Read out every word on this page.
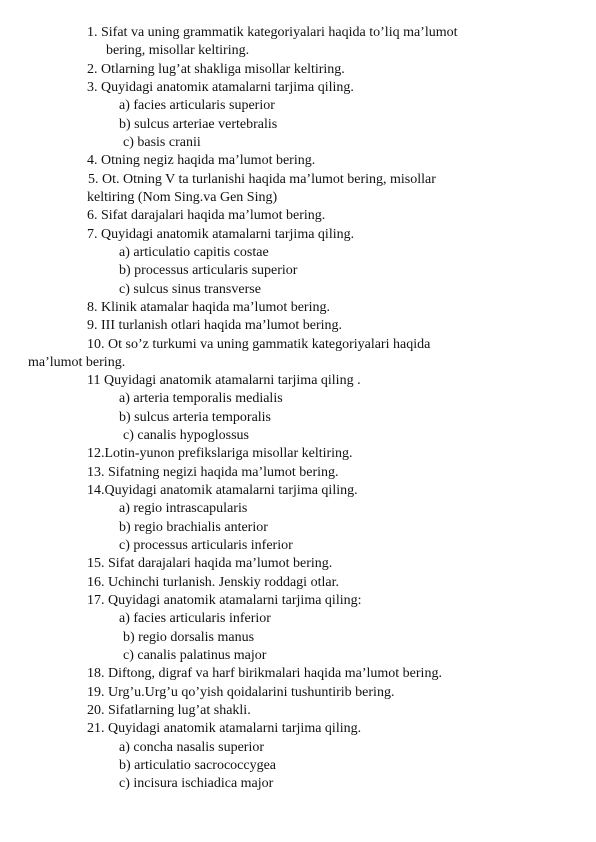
1. Sifat va uning grammatik kategoriyalari haqida to’liq ma’lumot
bering, misollar keltiring.
2. Otlarning lug’at shakliga misollar keltiring.
3. Quyidagi anatomiк atamalarni tarjima qiling.
a) facies articularis superior
b) sulcus arteriae vertebralis
c) basis cranii
4. Otning negiz haqida ma’lumot bering.
5. Ot. Otning V ta turlanishi haqida ma’lumot bering, misollar
keltiring (Nom Sing.va Gen Sing)
6. Sifat darajalari haqida ma’lumot bering.
7. Quyidagi anatomik atamalarni tarjima qiling.
a) articulatio capitis costae
b) processus articularis superior
c) sulcus sinus transverse
8. Klinik atamalar haqida ma’lumot bering.
9. III turlanish otlari haqida ma’lumot bering.
10. Ot so’z turkumi va uning gammatik kategoriyalari haqida
ma’lumot bering.
11 Quyidagi anatomik atamalarni tarjima qiling .
a) arteria temporalis medialis
b) sulcus arteria temporalis
c) canalis hypoglossus
12.Lotin-yunon prefikslariga misollar keltiring.
13. Sifatning negizi haqida ma’lumot bering.
14.Quyidagi anatomik atamalarni tarjima qiling.
a) regio intrascapularis
b) regio brachialis anterior
c) processus articularis inferior
15. Sifat darajalari haqida ma’lumot bering.
16. Uchinchi turlanish. Jenskiy roddagi otlar.
17. Quyidagi anatomik atamalarni tarjima qiling:
a) facies articularis inferior
b) regio dorsalis manus
c) canalis palatinus major
18. Diftong, digraf va harf birikmalari haqida ma’lumot bering.
19. Urg’u.Urg’u qo’yish qoidalarini tushuntirib bering.
20. Sifatlarning lug’at shakli.
21. Quyidagi anatomik atamalarni tarjima qiling.
a) concha nasalis superior
b) articulatio sacrococcygea
c) incisura ischiadica major
